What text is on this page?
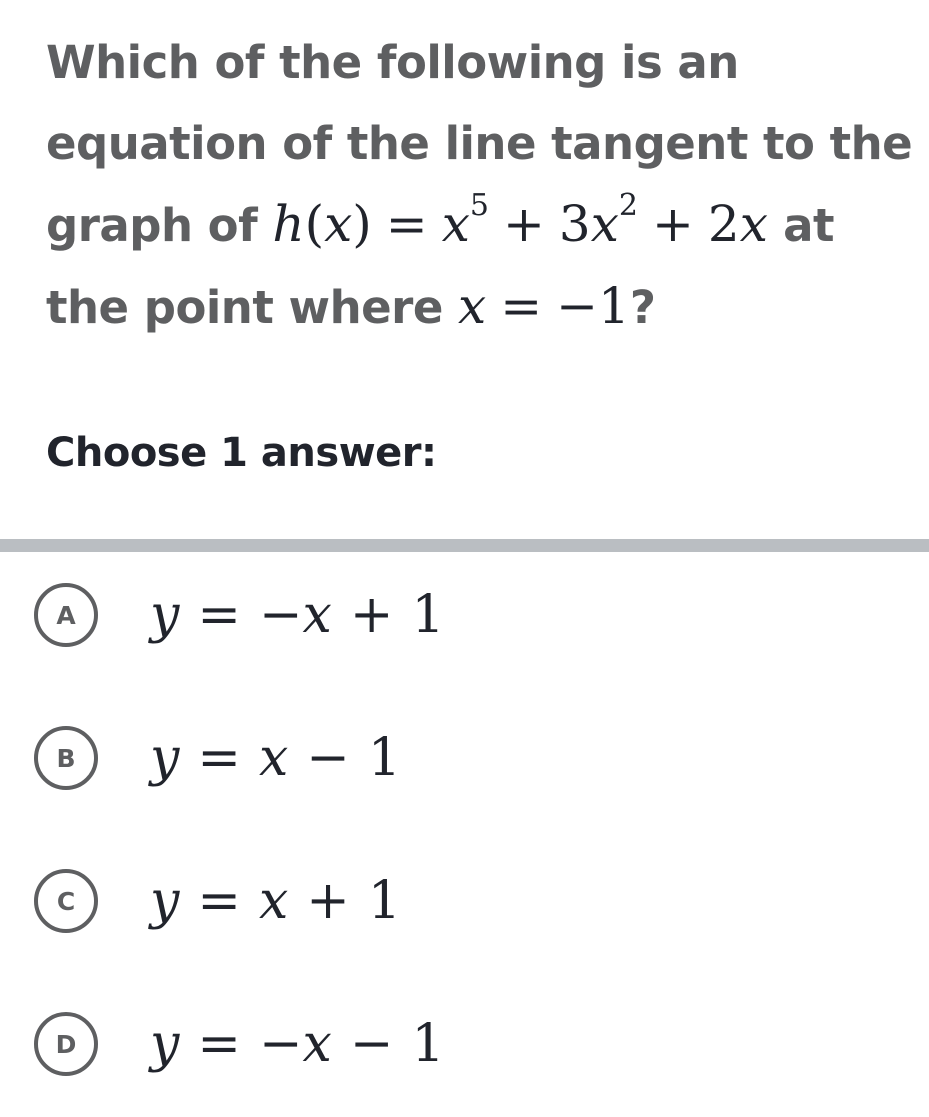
Which of the following is an
equation of the line tangent to the
graph of $h(x) = x^5 + 3x^2 + 2x$ at
the point where x = −1?
Choose 1 answer:
A	y = −x + 1
B	y = x − 1
C	y = x + 1
D	y = −x − 1
